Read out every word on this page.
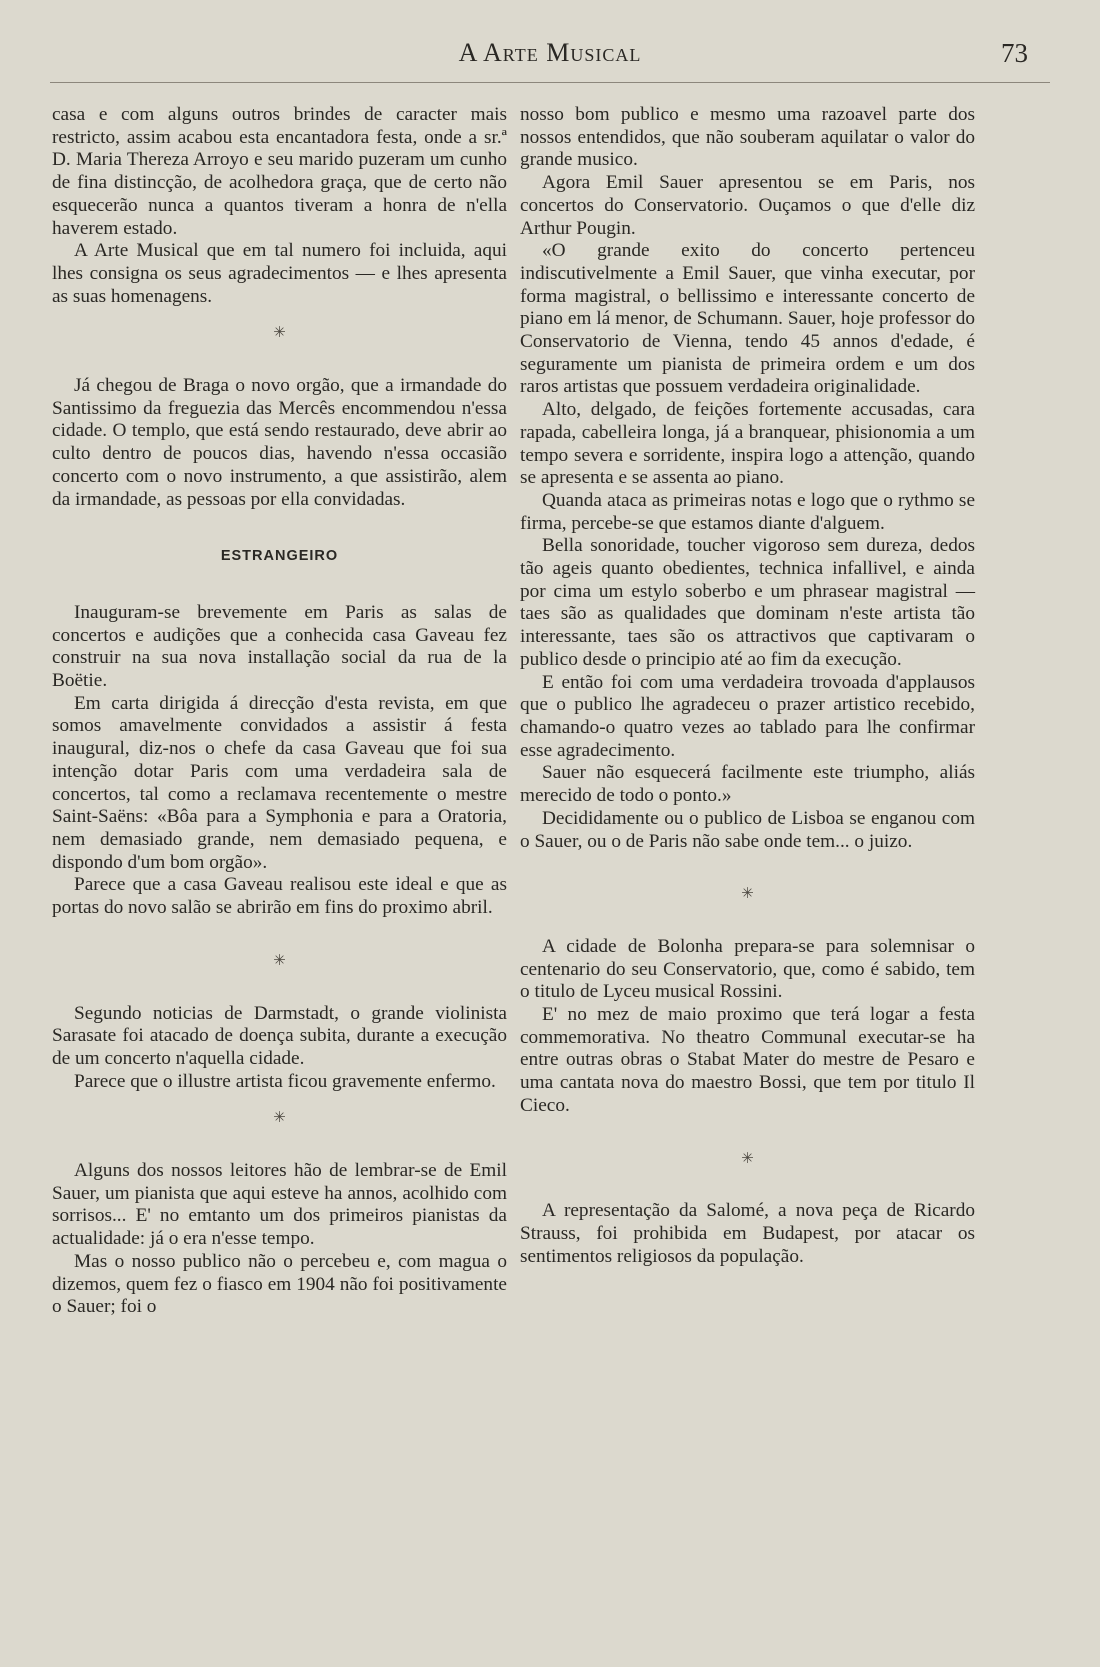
A Arte Musical	73

casa e com alguns outros brindes de caracter mais restricto, assim acabou esta encantadora festa, onde a sr.ª D. Maria Thereza Arroyo e seu marido puzeram um cunho de fina distincção, de acolhedora graça, que de certo não esquecerão nunca a quantos tiveram a honra de n'ella haverem estado.

A Arte Musical que em tal numero foi incluida, aqui lhes consigna os seus agradecimentos — e lhes apresenta as suas homenagens.

✳

Já chegou de Braga o novo orgão, que a irmandade do Santissimo da freguezia das Mercês encommendou n'essa cidade. O templo, que está sendo restaurado, deve abrir ao culto dentro de poucos dias, havendo n'essa occasião concerto com o novo instrumento, a que assistirão, alem da irmandade, as pessoas por ella convidadas.

ESTRANGEIRO

Inauguram-se brevemente em Paris as salas de concertos e audições que a conhecida casa Gaveau fez construir na sua nova installação social da rua de la Boëtie.

Em carta dirigida á direcção d'esta revista, em que somos amavelmente convidados a assistir á festa inaugural, diz-nos o chefe da casa Gaveau que foi sua intenção dotar Paris com uma verdadeira sala de concertos, tal como a reclamava recentemente o mestre Saint-Saëns: «Bôa para a Symphonia e para a Oratoria, nem demasiado grande, nem demasiado pequena, e dispondo d'um bom orgão».

Parece que a casa Gaveau realisou este ideal e que as portas do novo salão se abrirão em fins do proximo abril.

✳

Segundo noticias de Darmstadt, o grande violinista Sarasate foi atacado de doença subita, durante a execução de um concerto n'aquella cidade.

Parece que o illustre artista ficou gravemente enfermo.

✳

Alguns dos nossos leitores hão de lembrar-se de Emil Sauer, um pianista que aqui esteve ha annos, acolhido com sorrisos... E' no emtanto um dos primeiros pianistas da actualidade: já o era n'esse tempo.

Mas o nosso publico não o percebeu e, com magua o dizemos, quem fez o fiasco em 1904 não foi positivamente o Sauer; foi o

nosso bom publico e mesmo uma razoavel parte dos nossos entendidos, que não souberam aquilatar o valor do grande musico.

Agora Emil Sauer apresentou se em Paris, nos concertos do Conservatorio. Ouçamos o que d'elle diz Arthur Pougin.

«O grande exito do concerto pertenceu indiscutivelmente a Emil Sauer, que vinha executar, por forma magistral, o bellissimo e interessante concerto de piano em lá menor, de Schumann. Sauer, hoje professor do Conservatorio de Vienna, tendo 45 annos d'edade, é seguramente um pianista de primeira ordem e um dos raros artistas que possuem verdadeira originalidade.

Alto, delgado, de feições fortemente accusadas, cara rapada, cabelleira longa, já a branquear, phisionomia a um tempo severa e sorridente, inspira logo a attenção, quando se apresenta e se assenta ao piano.

Quanda ataca as primeiras notas e logo que o rythmo se firma, percebe-se que estamos diante d'alguem.

Bella sonoridade, toucher vigoroso sem dureza, dedos tão ageis quanto obedientes, technica infallivel, e ainda por cima um estylo soberbo e um phrasear magistral — taes são as qualidades que dominam n'este artista tão interessante, taes são os attractivos que captivaram o publico desde o principio até ao fim da execução.

E então foi com uma verdadeira trovoada d'applausos que o publico lhe agradeceu o prazer artistico recebido, chamando-o quatro vezes ao tablado para lhe confirmar esse agradecimento.

Sauer não esquecerá facilmente este triumpho, aliás merecido de todo o ponto.»

Decididamente ou o publico de Lisboa se enganou com o Sauer, ou o de Paris não sabe onde tem... o juizo.

✳

A cidade de Bolonha prepara-se para solemnisar o centenario do seu Conservatorio, que, como é sabido, tem o titulo de Lyceu musical Rossini.

E' no mez de maio proximo que terá logar a festa commemorativa. No theatro Communal executar-se ha entre outras obras o Stabat Mater do mestre de Pesaro e uma cantata nova do maestro Bossi, que tem por titulo Il Cieco.

✳

A representação da Salomé, a nova peça de Ricardo Strauss, foi prohibida em Budapest, por atacar os sentimentos religiosos da população.
